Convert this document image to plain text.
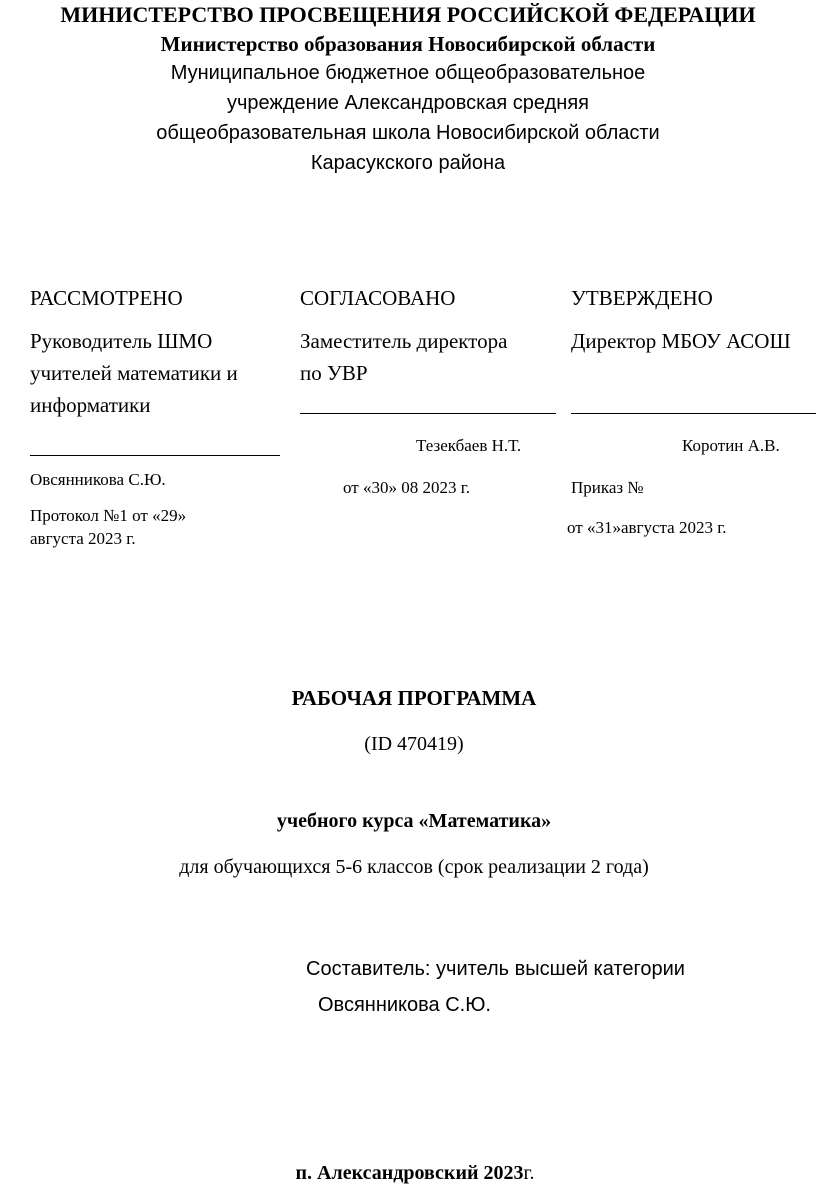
МИНИСТЕРСТВО ПРОСВЕЩЕНИЯ РОССИЙСКОЙ ФЕДЕРАЦИИ
Министерство образования Новосибирской области
Муниципальное бюджетное общеобразовательное
учреждение Александровская средняя
общеобразовательная школа Новосибирской области
Карасукского района
РАССМОТРЕНО
Руководитель ШМО
учителей математики и
информатики
Овсянникова С.Ю.
Протокол №1 от «29»
августа 2023 г.
СОГЛАСОВАНО
Заместитель директора
по УВР
Тезекбаев Н.Т.
от «30» 08 2023 г.
УТВЕРЖДЕНО
Директор МБОУ АСОШ
Коротин А.В.
Приказ №
от «31»августа 2023 г.
РАБОЧАЯ ПРОГРАММА
(ID 470419)
учебного курса «Математика»
для обучающихся 5-6 классов (срок реализации 2 года)
Составитель: учитель высшей категории
Овсянникова С.Ю.
п. Александровский 2023г.
